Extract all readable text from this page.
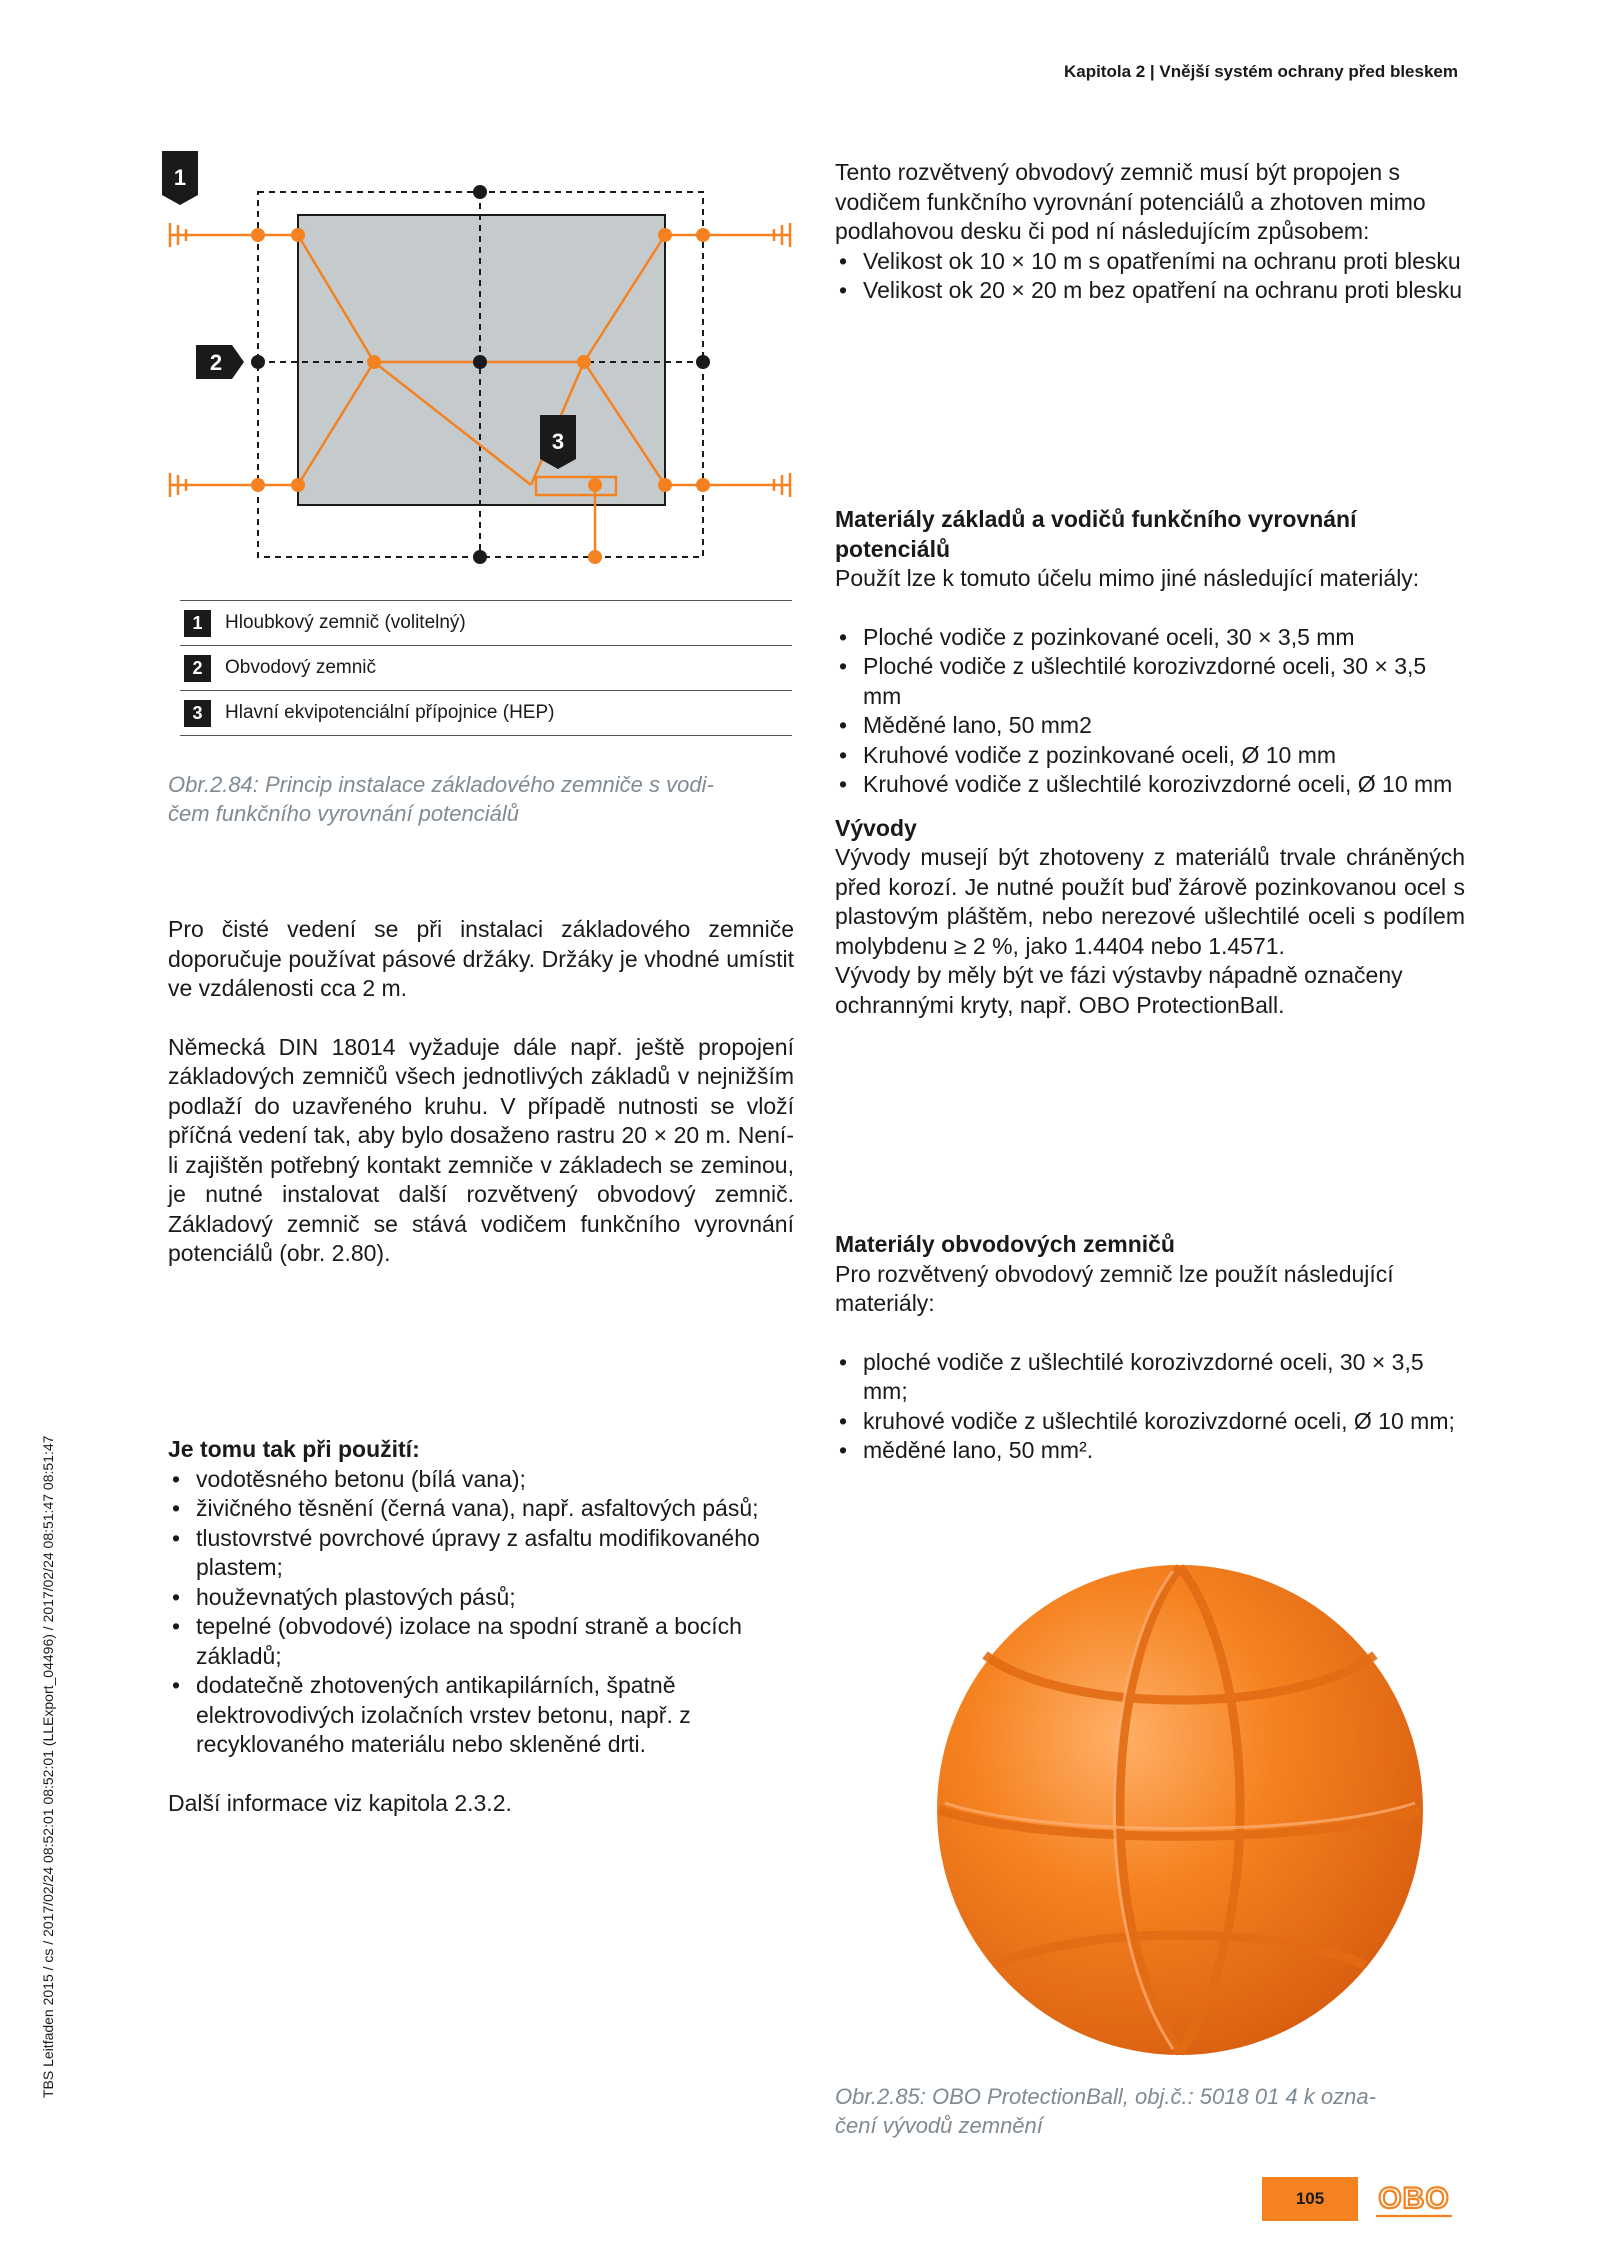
Kapitola 2 | Vnější systém ochrany před bleskem
TBS Leitfaden 2015 / cs / 2017/02/24 08:52:01 08:52:01 (LLExport_04496) / 2017/02/24 08:51:47 08:51:47
1
2
3
1	Hloubkový zemnič (volitelný)
2	Obvodový zemnič
3	Hlavní ekvipotenciální přípojnice (HEP)
Obr.2.84: Princip instalace základového zemniče s vodi-
čem funkčního vyrovnání potenciálů

Pro čisté vedení se při instalaci základového zemniče doporučuje používat pásové držáky. Držáky je vhodné umístit ve vzdálenosti cca 2 m.

Německá DIN 18014 vyžaduje dále např. ještě propojení základových zemničů všech jednotlivých základů v nejnižším podlaží do uzavřeného kruhu. V případě nutnosti se vloží příčná vedení tak, aby bylo dosaženo rastru 20 × 20 m. Není-li zajištěn potřebný kontakt zemniče v základech se zeminou, je nutné instalovat další rozvětvený obvodový zemnič. Základový zemnič se stává vodičem funkčního vyrovnání potenciálů (obr. 2.80).

Je tomu tak při použití:

• vodotěsného betonu (bílá vana);
• živičného těsnění (černá vana), např. asfaltových pásů;
• tlustovrstvé povrchové úpravy z asfaltu modifikovaného plastem;
• houževnatých plastových pásů;
• tepelné (obvodové) izolace na spodní straně a bocích základů;
• dodatečně zhotovených antikapilárních, špatně elektrovodivých izolačních vrstev betonu, např. z recyklovaného materiálu nebo skleněné drti.

Další informace viz kapitola 2.3.2.

Tento rozvětvený obvodový zemnič musí být propojen s vodičem funkčního vyrovnání potenciálů a zhotoven mimo podlahovou desku či pod ní následujícím způsobem:

• Velikost ok 10 × 10 m s opatřeními na ochranu proti blesku
• Velikost ok 20 × 20 m bez opatření na ochranu proti blesku

Materiály základů a vodičů funkčního vyrovnání potenciálů

Použít lze k tomuto účelu mimo jiné následující materiály:

• Ploché vodiče z pozinkované oceli, 30 × 3,5 mm
• Ploché vodiče z ušlechtilé korozivzdorné oceli, 30 × 3,5 mm
• Měděné lano, 50 mm2
• Kruhové vodiče z pozinkované oceli, Ø 10 mm
• Kruhové vodiče z ušlechtilé korozivzdorné oceli, Ø 10 mm

Vývody

Vývody musejí být zhotoveny z materiálů trvale chráněných před korozí. Je nutné použít buď žárově pozinkovanou ocel s plastovým pláštěm, nebo nerezové ušlechtilé oceli s podílem molybdenu ≥ 2 %, jako 1.4404 nebo 1.4571.

Vývody by měly být ve fázi výstavby nápadně označeny ochrannými kryty, např. OBO ProtectionBall.

Materiály obvodových zemničů

Pro rozvětvený obvodový zemnič lze použít následující materiály:

• ploché vodiče z ušlechtilé korozivzdorné oceli, 30 × 3,5 mm;
• kruhové vodiče z ušlechtilé korozivzdorné oceli, Ø 10 mm;
• měděné lano, 50 mm².
Obr.2.85: OBO ProtectionBall, obj.č.: 5018 01 4 k ozna-
čení vývodů zemnění
105	OBO
